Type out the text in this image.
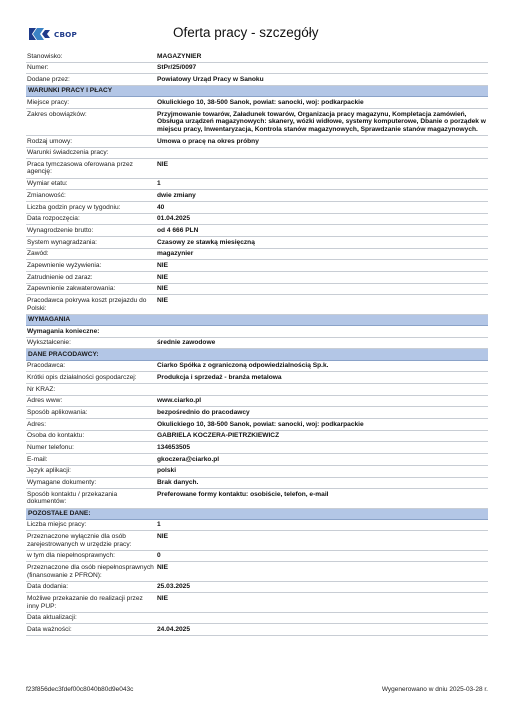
CBOP	Oferta pracy - szczegóły
Stanowisko:	MAGAZYNIER
Numer:	StPr/25/0097
Dodane przez:	Powiatowy Urząd Pracy w Sanoku
WARUNKI PRACY I PŁACY	
Miejsce pracy:	Okulickiego 10, 38-500 Sanok, powiat: sanocki, woj: podkarpackie
Zakres obowiązków:	Przyjmowanie towarów, Załadunek towarów, Organizacja pracy magazynu, Kompletacja zamówień, Obsługa urządzeń magazynowych: skanery, wózki widłowe, systemy komputerowe, Dbanie o porządek w miejscu pracy, Inwentaryzacja, Kontrola stanów magazynowych, Sprawdzanie stanów magazynowych.
Rodzaj umowy:	Umowa o pracę na okres próbny
Warunki świadczenia pracy:	
Praca tymczasowa oferowana przez agencję:	NIE
Wymiar etatu:	1
Zmianowość:	dwie zmiany
Liczba godzin pracy w tygodniu:	40
Data rozpoczęcia:	01.04.2025
Wynagrodzenie brutto:	od 4 666 PLN
System wynagradzania:	Czasowy ze stawką miesięczną
Zawód:	magazynier
Zapewnienie wyżywienia:	NIE
Zatrudnienie od zaraz:	NIE
Zapewnienie zakwaterowania:	NIE
Pracodawca pokrywa koszt przejazdu do Polski:	NIE
WYMAGANIA	
Wymagania konieczne:	
Wykształcenie:	średnie zawodowe
DANE PRACODAWCY:	
Pracodawca:	Ciarko Spółka z ograniczoną odpowiedzialnością Sp.k.
Krótki opis działalności gospodarczej:	Produkcja i sprzedaż - branża metalowa
Nr KRAZ:	
Adres www:	www.ciarko.pl
Sposób aplikowania:	bezpośrednio do pracodawcy
Adres:	Okulickiego 10, 38-500 Sanok, powiat: sanocki, woj: podkarpackie
Osoba do kontaktu:	GABRIELA KOCZERA-PIETRZKIEWICZ
Numer telefonu:	134653505
E-mail:	gkoczera@ciarko.pl
Język aplikacji:	polski
Wymagane dokumenty:	Brak danych.
Sposób kontaktu / przekazania dokumentów:	Preferowane formy kontaktu: osobiście, telefon, e-mail
POZOSTAŁE DANE:	
Liczba miejsc pracy:	1
Przeznaczone wyłącznie dla osób zarejestrowanych w urzędzie pracy:	NIE
w tym dla niepełnosprawnych:	0
Przeznaczone dla osób niepełnosprawnych (finansowanie z PFRON):	NIE
Data dodania:	25.03.2025
Możliwe przekazanie do realizacji przez inny PUP:	NIE
Data aktualizacji:	
Data ważności:	24.04.2025
f23f856dec3fdef00c8040b80d9e043c	Wygenerowano w dniu 2025-03-28 r.
